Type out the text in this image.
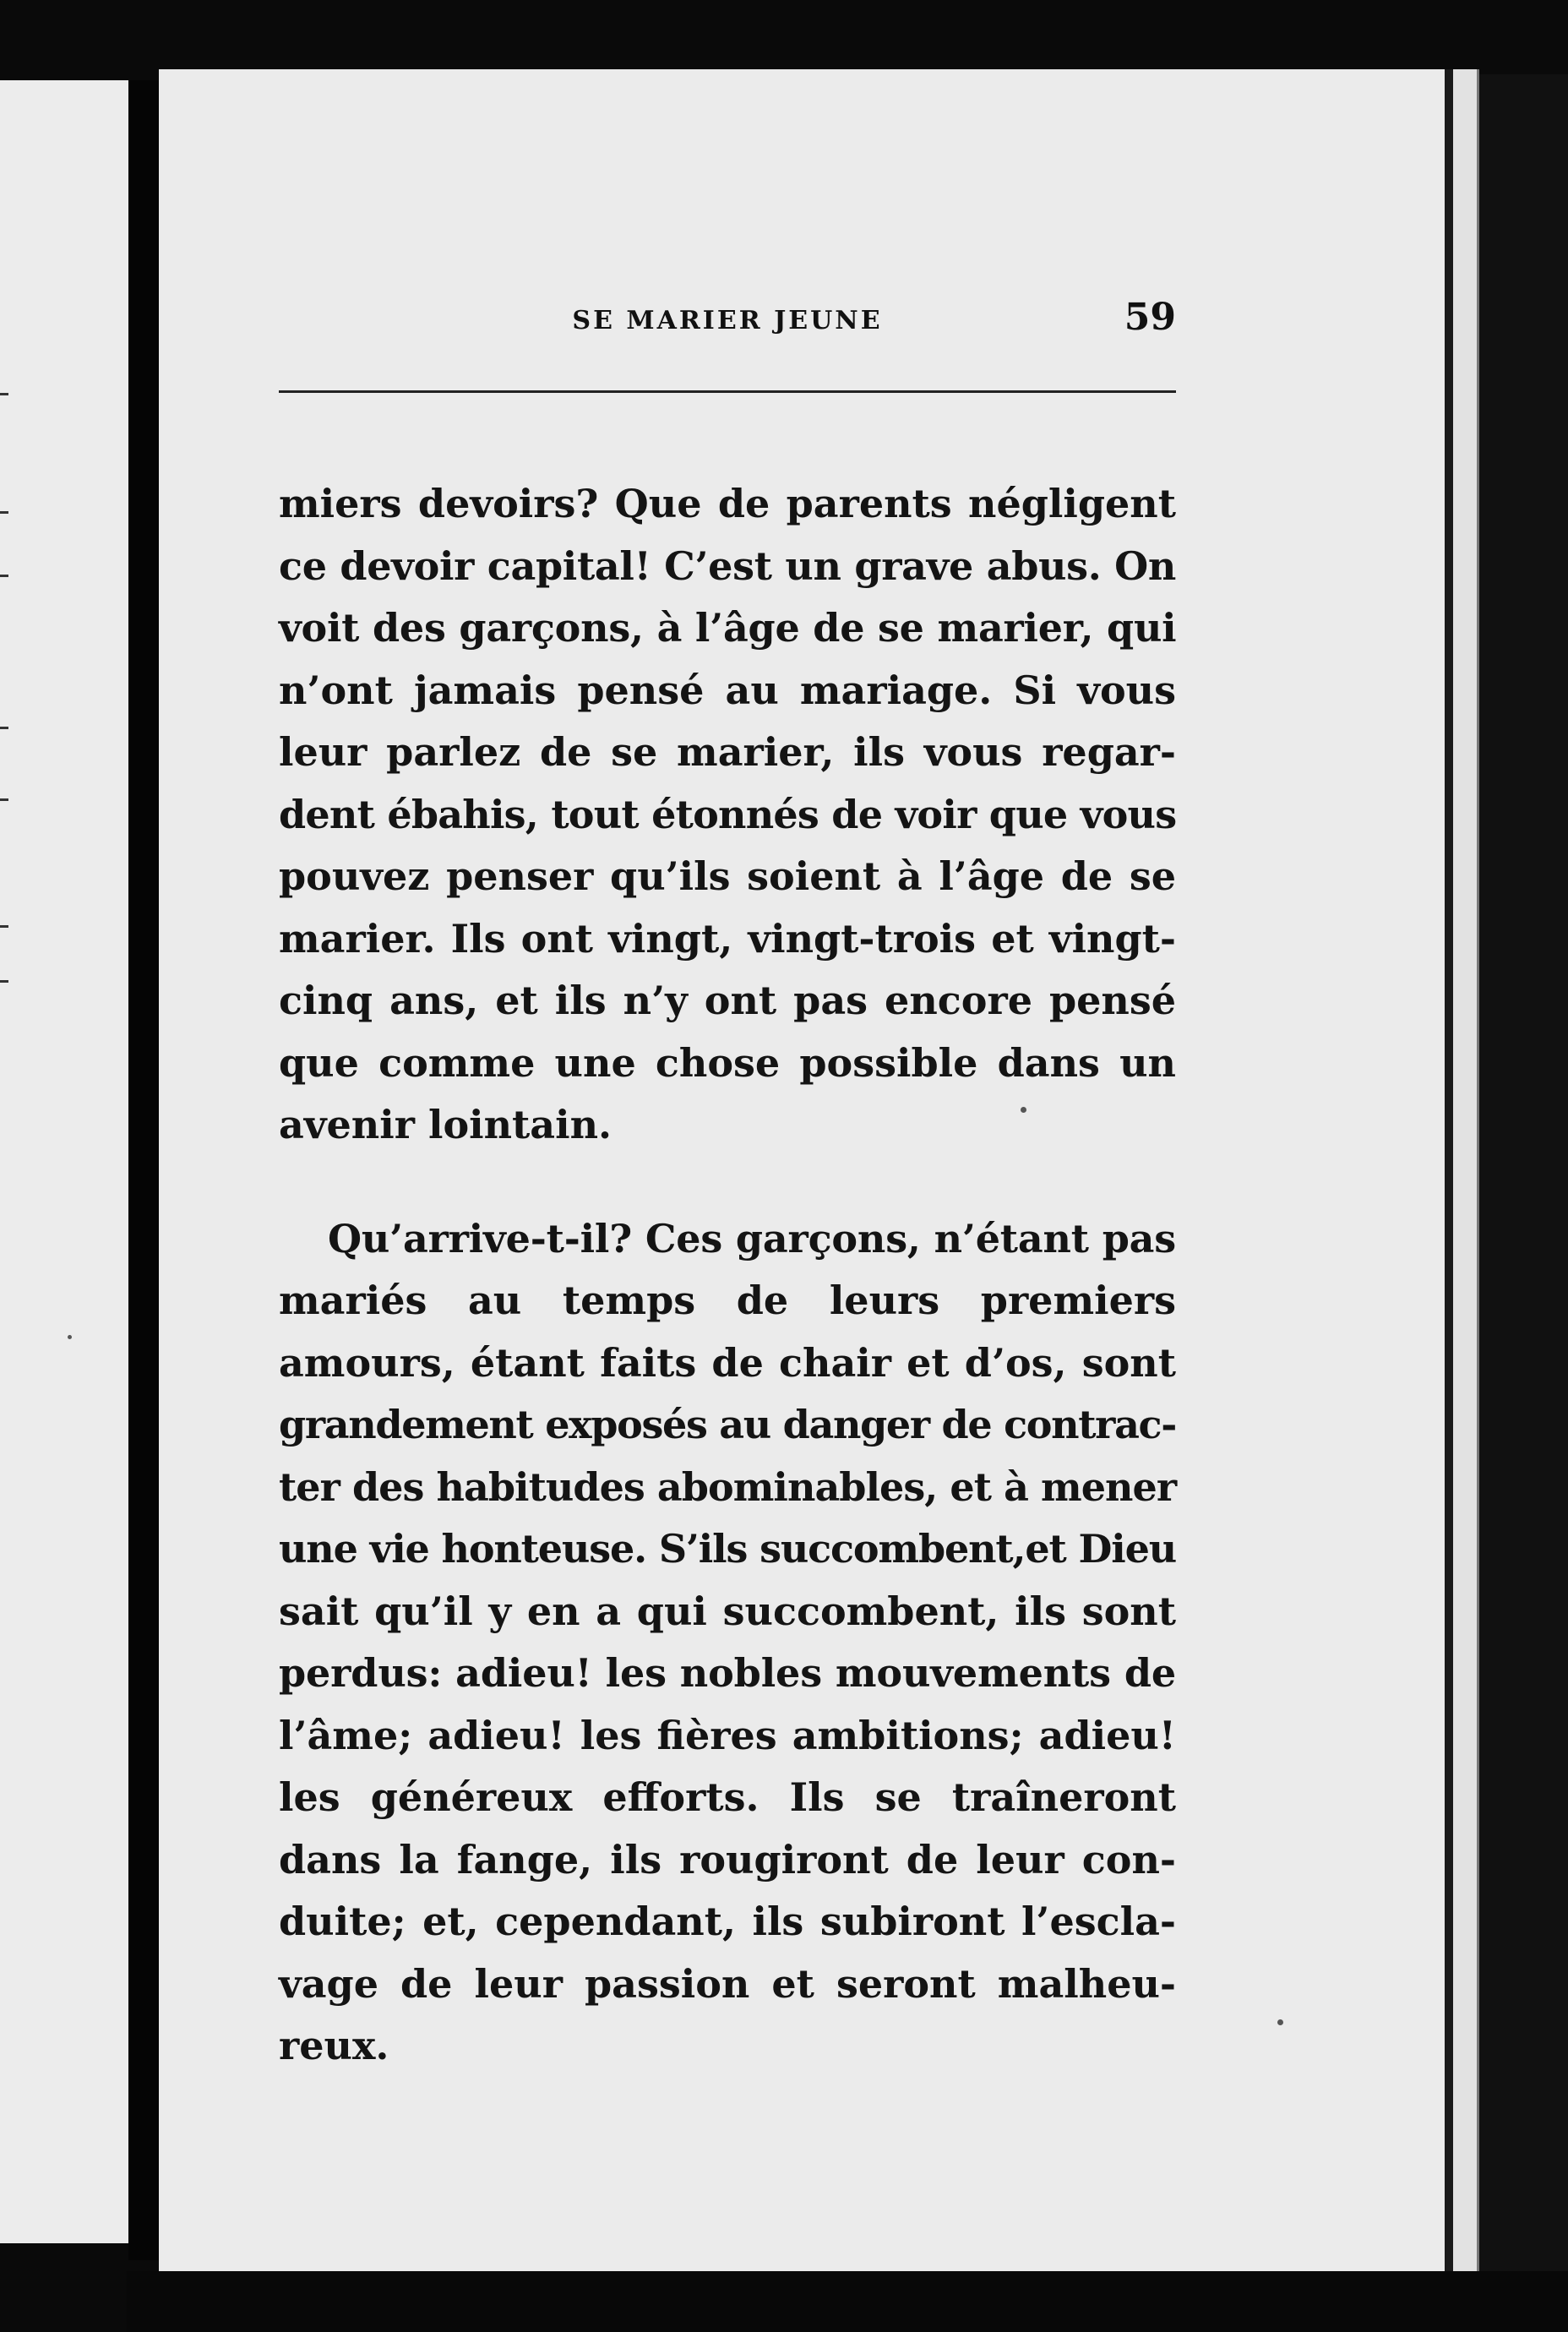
SE MARIER JEUNE	59
miers devoirs? Que de parents négligent
ce devoir capital! C’est un grave abus. On
voit des garçons, à l’âge de se marier, qui
n’ont jamais pensé au mariage. Si vous
leur parlez de se marier, ils vous regar-
dent ébahis, tout étonnés de voir que vous
pouvez penser qu’ils soient à l’âge de se
marier. Ils ont vingt, vingt-trois et vingt-
cinq ans, et ils n’y ont pas encore pensé
que comme une chose possible dans un
avenir lointain.
Qu’arrive-t-il? Ces garçons, n’étant pas
mariés au temps de leurs premiers
amours, étant faits de chair et d’os, sont
grandement exposés au danger de contrac-
ter des habitudes abominables, et à mener
une vie honteuse. S’ils succombent,et Dieu
sait qu’il y en a qui succombent, ils sont
perdus: adieu! les nobles mouvements de
l’âme; adieu! les fières ambitions; adieu!
les généreux efforts. Ils se traîneront
dans la fange, ils rougiront de leur con-
duite; et, cependant, ils subiront l’escla-
vage de leur passion et seront malheu-
reux.
